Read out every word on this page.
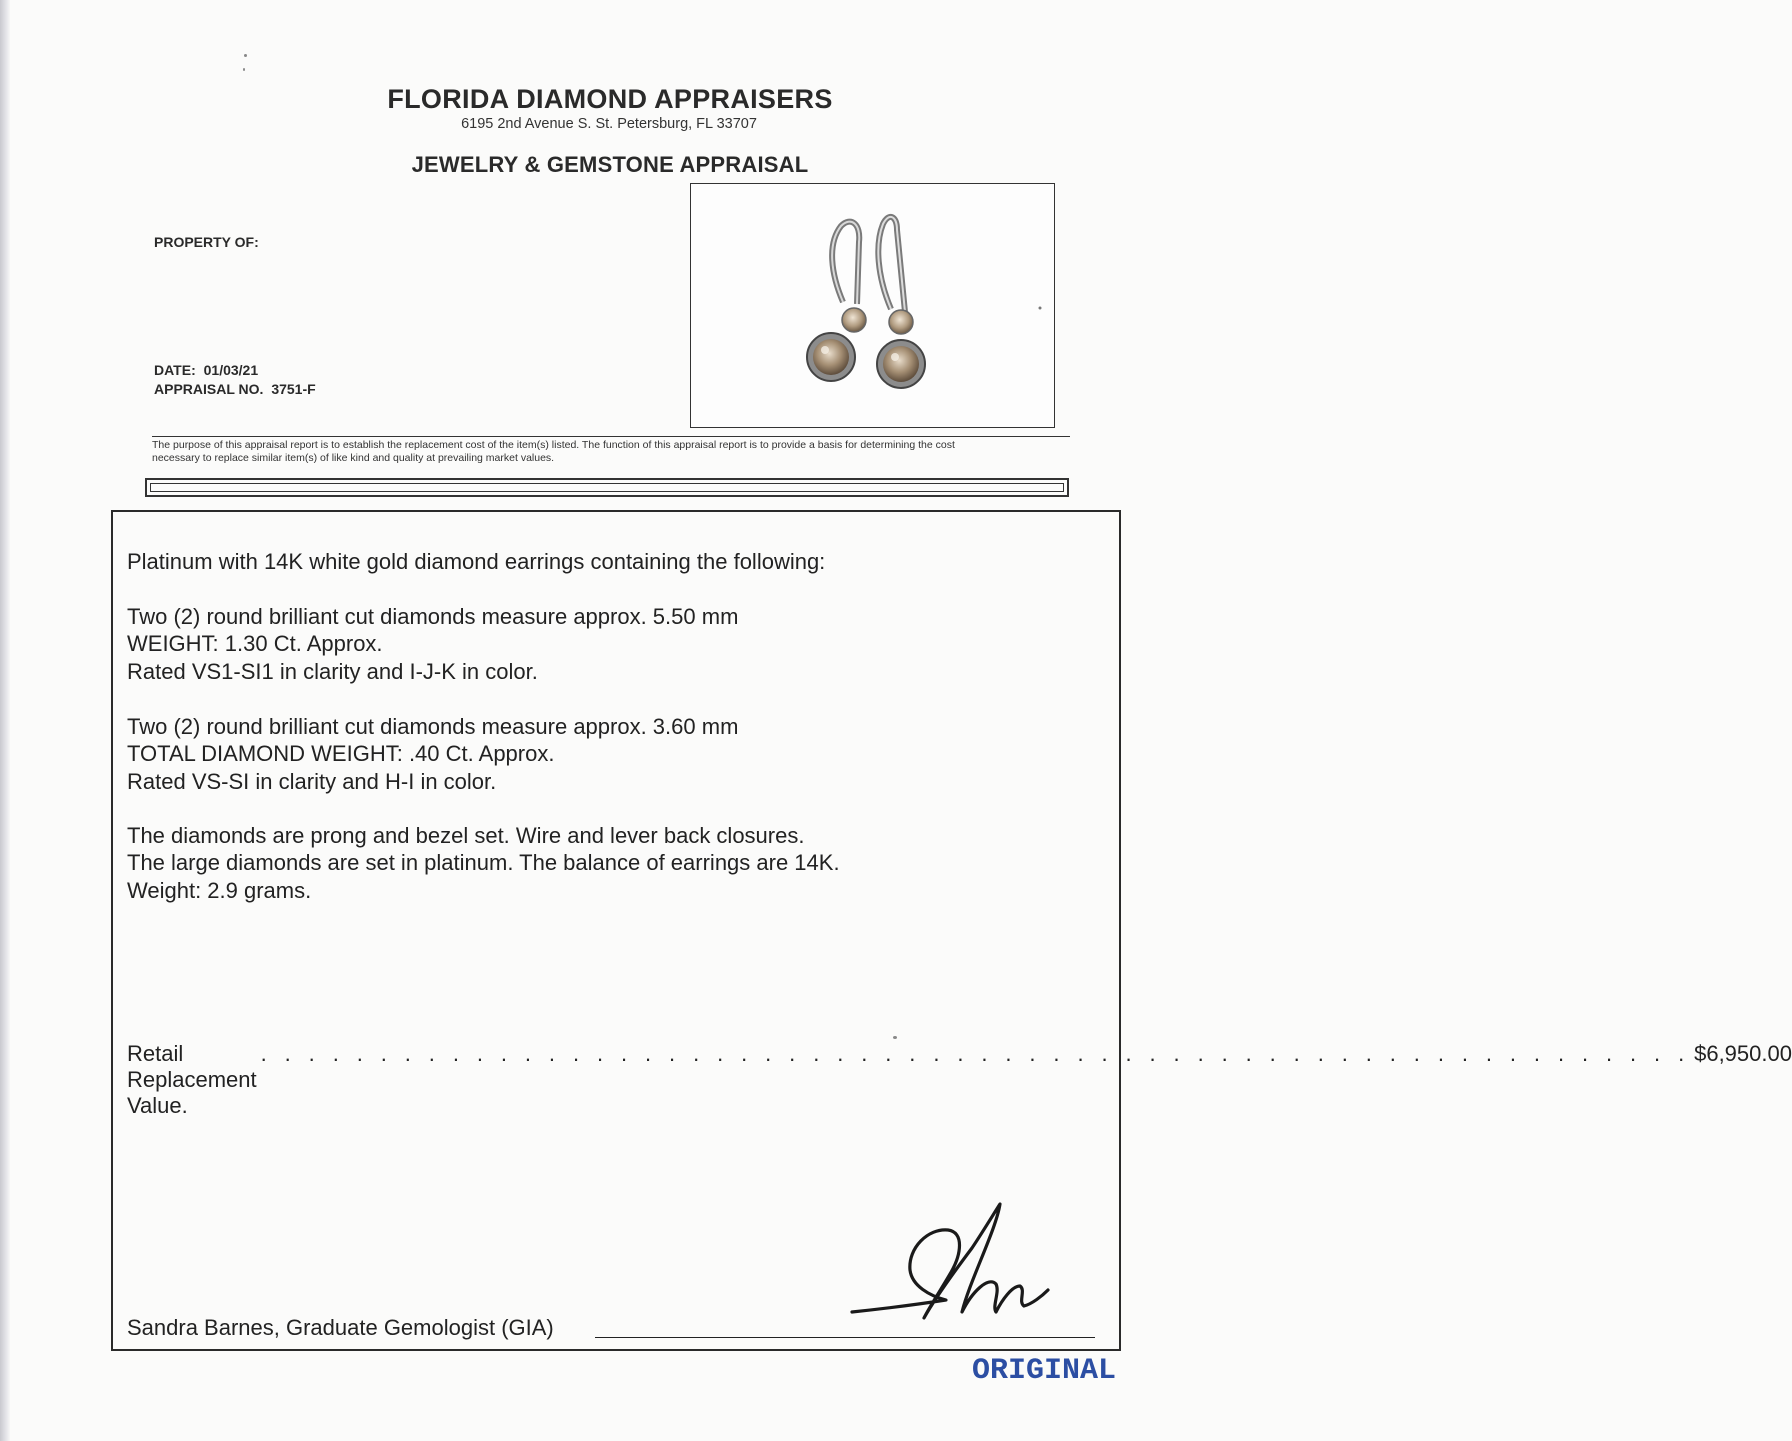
FLORIDA DIAMOND APPRAISERS
6195 2nd Avenue S. St. Petersburg, FL 33707
JEWELRY & GEMSTONE APPRAISAL
PROPERTY OF:
DATE: 01/03/21
APPRAISAL NO. 3751-F
The purpose of this appraisal report is to establish the replacement cost of the item(s) listed. The function of this appraisal report is to provide a basis for determining the cost
necessary to replace similar item(s) of like kind and quality at prevailing market values.

Platinum with 14K white gold diamond earrings containing the following:

Two (2) round brilliant cut diamonds measure approx. 5.50 mm

WEIGHT: 1.30 Ct. Approx.

Rated VS1-SI1 in clarity and I-J-K in color.

Two (2) round brilliant cut diamonds measure approx. 3.60 mm

TOTAL DIAMOND WEIGHT: .40 Ct. Approx.

Rated VS-SI in clarity and H-I in color.

The diamonds are prong and bezel set. Wire and lever back closures.

The large diamonds are set in platinum. The balance of earrings are 14K.

Weight: 2.9 grams.

Retail Replacement Value.
. . . . . . . . . . . . . . . . . . . . . . . . . . . . . . . . . . . . . . . . . . . . . . . . . . . . . . . . . . . . $6,950.00
Sandra Barnes, Graduate Gemologist (GIA)
ORIGINAL
